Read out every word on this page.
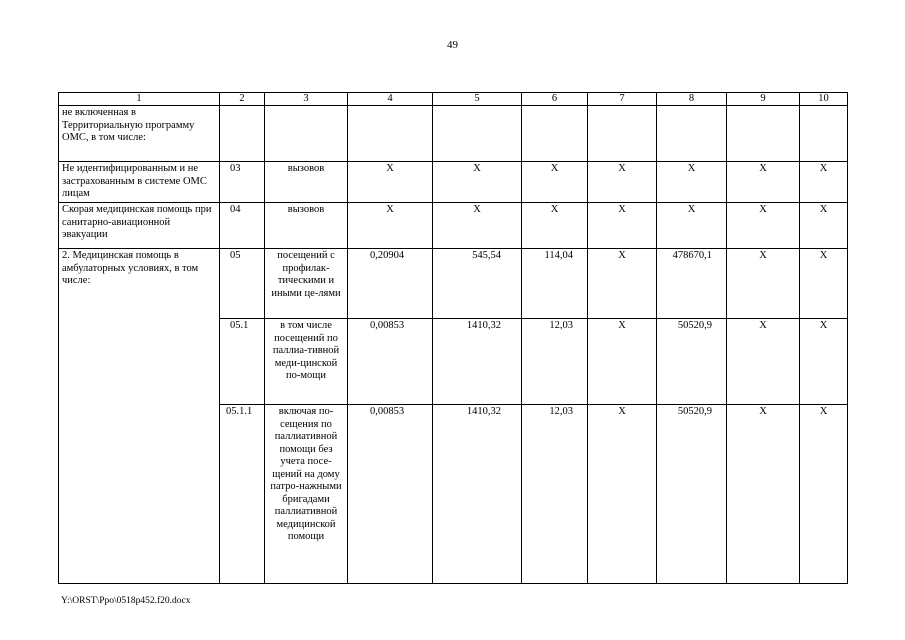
49
1	2	3	4	5	6	7	8	9	10
не включенная в Территориальную программу ОМС, в том числе:									
Не идентифицированным и не застрахованным в системе ОМС лицам	03	вызовов	X	X	X	X	X	X	X
Скорая медицинская помощь при санитарно-авиационной эвакуации	04	вызовов	X	X	X	X	X	X	X
2. Медицинская помощь в амбулаторных условиях, в том числе:	05	посещений с профилак-тическими и иными це-лями	0,20904	545,54	114,04	X	478670,1	X	X
	05.1	в том числе посещений по паллиа-тивной меди-цинской по-мощи	0,00853	1410,32	12,03	X	50520,9	X	X
	05.1.1	включая по-сещения по паллиативной помощи без учета посе-щений на дому патро-нажными бригадами паллиативной медицинской помощи	0,00853	1410,32	12,03	X	50520,9	X	X
Y:\ORST\Ppo\0518p452.f20.docx
